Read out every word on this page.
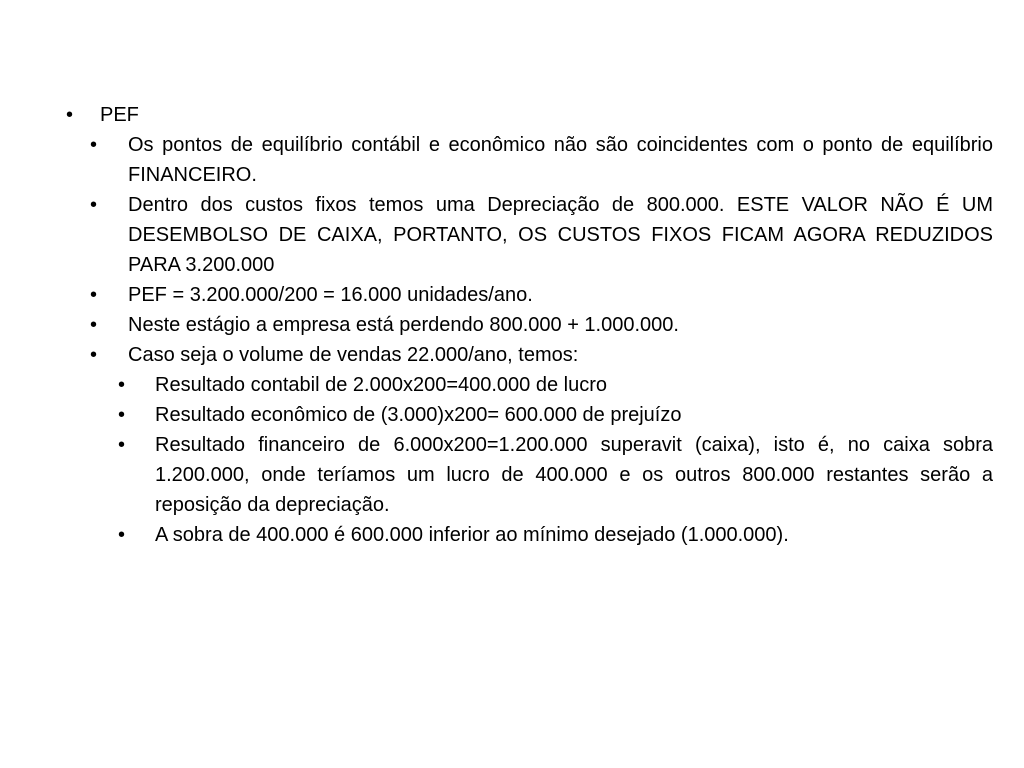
• PEF
• Os pontos de equilíbrio contábil e econômico não são coincidentes com o ponto de equilíbrio FINANCEIRO.
• Dentro dos custos fixos temos uma Depreciação de 800.000. ESTE VALOR NÃO É UM DESEMBOLSO DE CAIXA, PORTANTO, OS CUSTOS FIXOS FICAM AGORA REDUZIDOS PARA 3.200.000
• PEF = 3.200.000/200 = 16.000 unidades/ano.
• Neste estágio a empresa está perdendo 800.000 + 1.000.000.
• Caso seja o volume de vendas 22.000/ano, temos:
• Resultado contabil de 2.000x200=400.000 de lucro
• Resultado econômico de (3.000)x200= 600.000 de prejuízo
• Resultado financeiro de 6.000x200=1.200.000 superavit (caixa), isto é, no caixa sobra 1.200.000, onde teríamos um lucro de 400.000 e os outros 800.000 restantes serão a reposição da depreciação.
• A sobra de 400.000 é 600.000 inferior ao mínimo desejado (1.000.000).
